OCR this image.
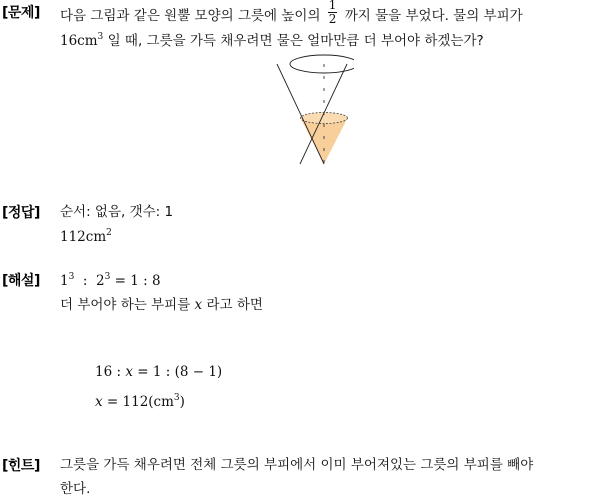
[문제] 다음 그림과 같은 원뿔 모양의 그릇에 높이의 $\frac{1}{2}$ 까지 물을 부었다. 물의 부피가
$16cm^3$ 일 때, 그릇을 가득 채우려면 물은 얼마만큼 더 부어야 하겠는가?
[정답] 순서: 없음, 갯수: 1
$112cm^2$
[해설] $1^3$  :  $2^3 = 1$ : 8
더 부어야 하는 부피를 x 라고 하면
16 : x = 1 : (8 − 1)
$x = 112(cm^3)$
[힌트] 그릇을 가득 채우려면 전체 그릇의 부피에서 이미 부어져있는 그릇의 부피를 빼야
한다.
